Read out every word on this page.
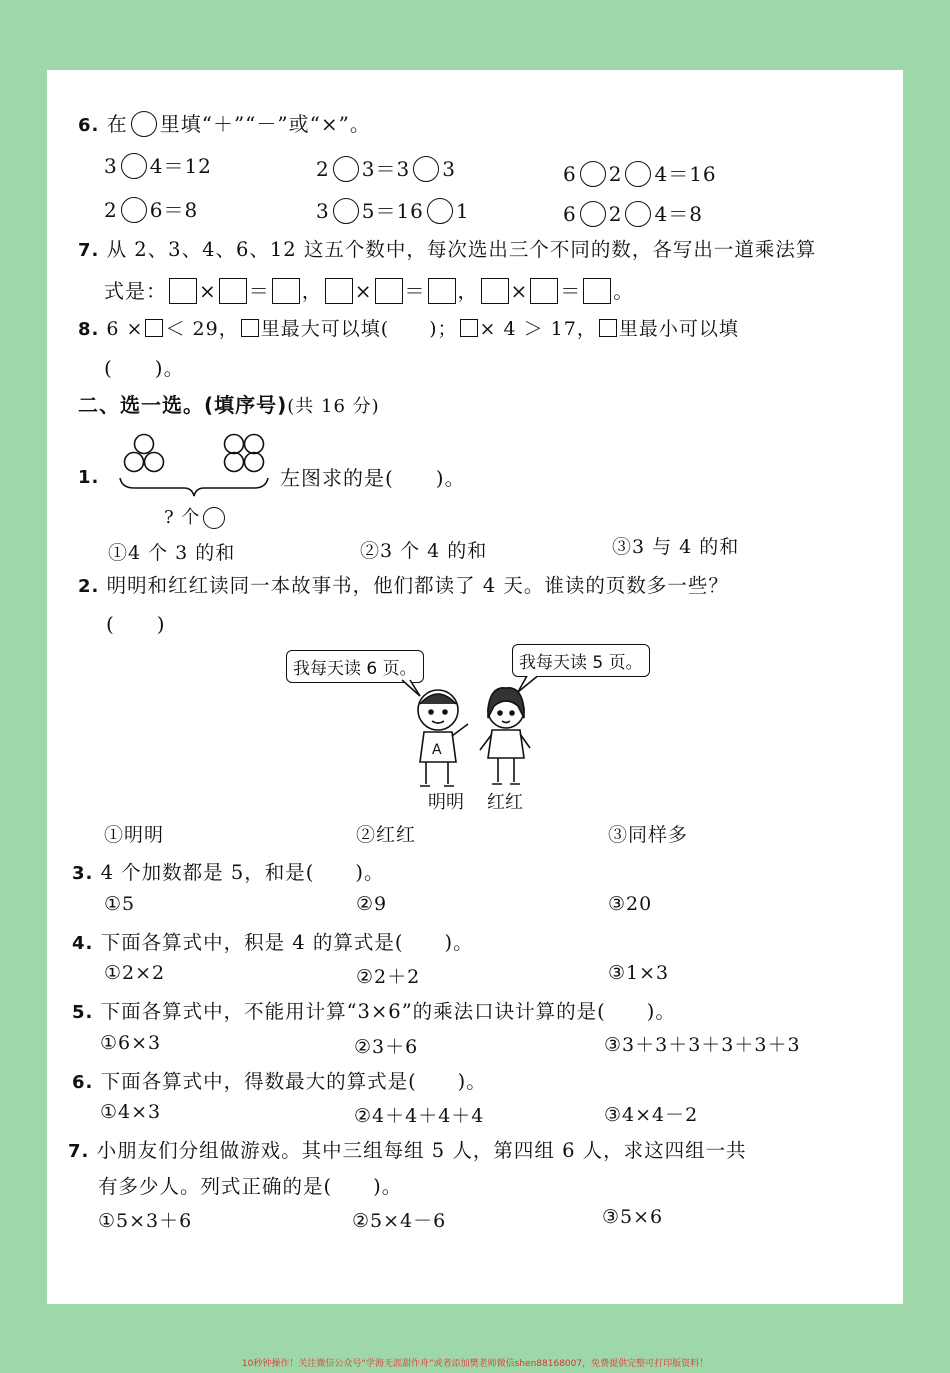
6. 在 里填“＋”“－”或“×”。
3 4＝12	2 3＝3 3	6 2 4＝16
2 6＝8	3 5＝16 1	6 2 4＝8
7. 从 2、3、4、6、12 这五个数中，每次选出三个不同的数，各写出一道乘法算
式是： × ＝ ， × ＝ ， × ＝ 。
8. 6 × ＜ 29， 里最大可以填(　　)； × 4 ＞ 17， 里最小可以填
(　　)。
二、选一选。(填序号)(共 16 分)
1.	左图求的是(　　)。
? 个
①4 个 3 的和	②3 个 4 的和	③3 与 4 的和
2. 明明和红红读同一本故事书，他们都读了 4 天。谁读的页数多一些？
(　　)
我每天读 6 页。	我每天读 5 页。
A
明明 红红
①明明	②红红	③同样多
3. 4 个加数都是 5，和是(　　)。
①5	②9	③20
4. 下面各算式中，积是 4 的算式是(　　)。
①2×2	②2＋2	③1×3
5. 下面各算式中，不能用计算“3×6”的乘法口诀计算的是(　　)。
①6×3	②3＋6	③3＋3＋3＋3＋3＋3
6. 下面各算式中，得数最大的算式是(　　)。
①4×3	②4＋4＋4＋4	③4×4－2
7. 小朋友们分组做游戏。其中三组每组 5 人，第四组 6 人，求这四组一共
有多少人。列式正确的是(　　)。
①5×3＋6	②5×4－6	③5×6
10秒钟操作！关注微信公众号“学海无涯甜作舟”或者添加樊老师微信shen88168007，免费提供完整可打印版资料！
